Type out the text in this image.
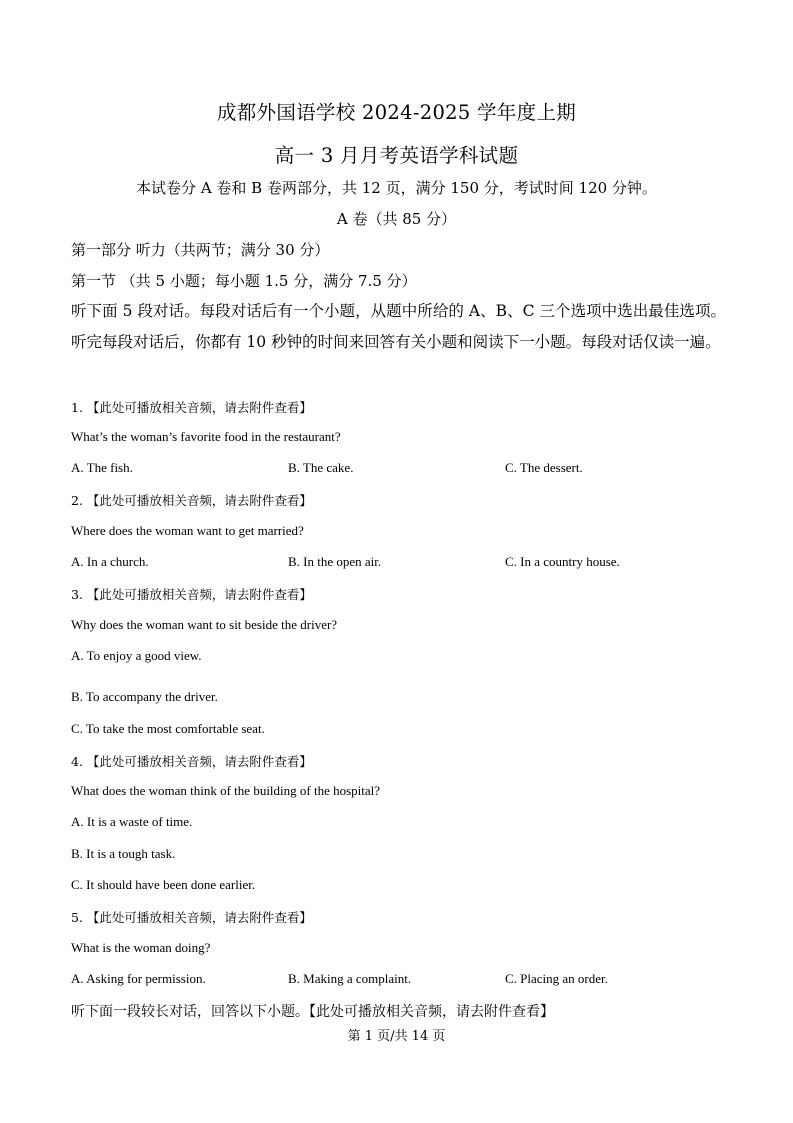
成都外国语学校 2024-2025 学年度上期
高一 3 月月考英语学科试题
本试卷分 A 卷和 B 卷两部分，共 12 页，满分 150 分，考试时间 120 分钟。
A 卷（共 85 分）
第一部分 听力（共两节；满分 30 分）
第一节 （共 5 小题；每小题 1.5 分，满分 7.5 分）
听下面 5 段对话。每段对话后有一个小题，从题中所给的 A、B、C 三个选项中选出最佳选项。听完每段对话后，你都有 10 秒钟的时间来回答有关小题和阅读下一小题。每段对话仅读一遍。
1. 【此处可播放相关音频，请去附件查看】
What’s the woman’s favorite food in the restaurant?
A. The fish.	B. The cake.	C. The dessert.
2. 【此处可播放相关音频，请去附件查看】
Where does the woman want to get married?
A. In a church.	B. In the open air.	C. In a country house.
3. 【此处可播放相关音频，请去附件查看】
Why does the woman want to sit beside the driver?
A. To enjoy a good view.
B. To accompany the driver.
C. To take the most comfortable seat.
4. 【此处可播放相关音频，请去附件查看】
What does the woman think of the building of the hospital?
A. It is a waste of time.
B. It is a tough task.
C. It should have been done earlier.
5. 【此处可播放相关音频，请去附件查看】
What is the woman doing?
A. Asking for permission.	B. Making a complaint.	C. Placing an order.
听下面一段较长对话，回答以下小题。【此处可播放相关音频，请去附件查看】
第 1 页/共 14 页
